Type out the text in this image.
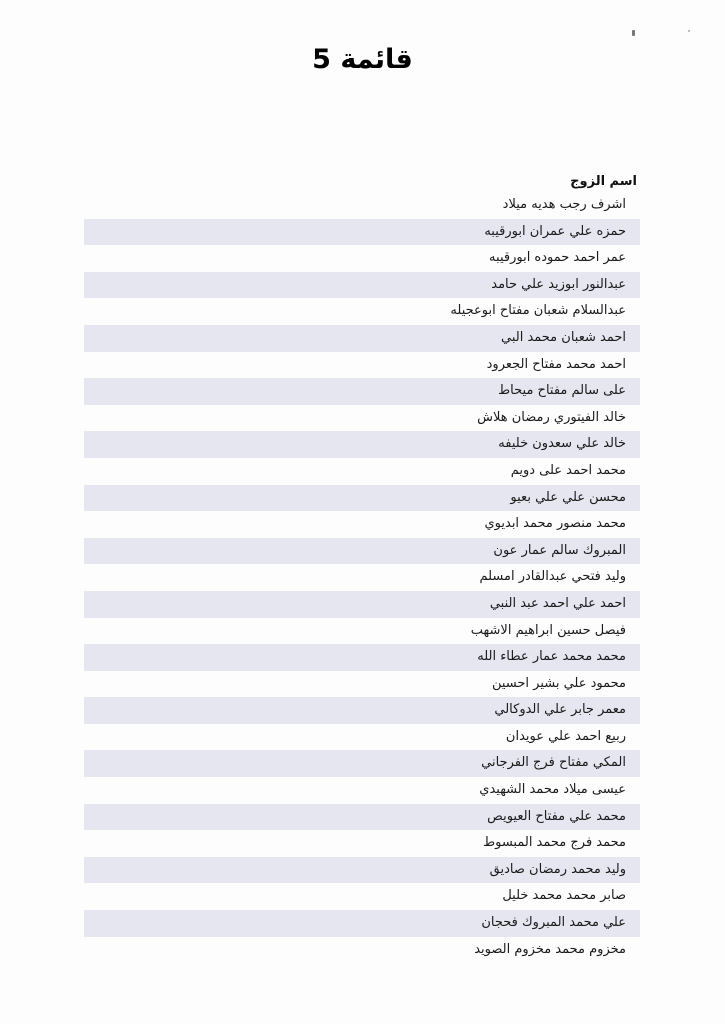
قائمة 5
اسم الزوج
اشرف رجب هديه ميلاد
حمزه علي عمران ابورقيبه
عمر احمد حموده ابورقيبه
عبدالنور ابوزيد علي حامد
عبدالسلام شعبان مفتاح ابوعجيله
احمد شعبان محمد البي
احمد محمد مفتاح الجعرود
على سالم مفتاح ميحاط
خالد الفيتوري رمضان هلاش
خالد علي سعدون خليفه
محمد احمد على دويم
محسن علي علي بعيو
محمد منصور محمد ابديوي
المبروك سالم عمار عون
وليد فتحي عبدالقادر امسلم
احمد علي احمد عبد النبي
فيصل حسين ابراهيم الاشهب
محمد محمد عمار عطاء الله
محمود علي بشير احسين
معمر جابر علي الدوكالي
ربيع احمد علي عويدان
المكي مفتاح فرج الفرجاني
عيسى ميلاد محمد الشهيدي
محمد علي مفتاح العيويص
محمد فرج محمد المبسوط
وليد محمد رمضان صاديق
صابر محمد محمد خليل
علي محمد المبروك فحجان
مخزوم محمد مخزوم الصويد
